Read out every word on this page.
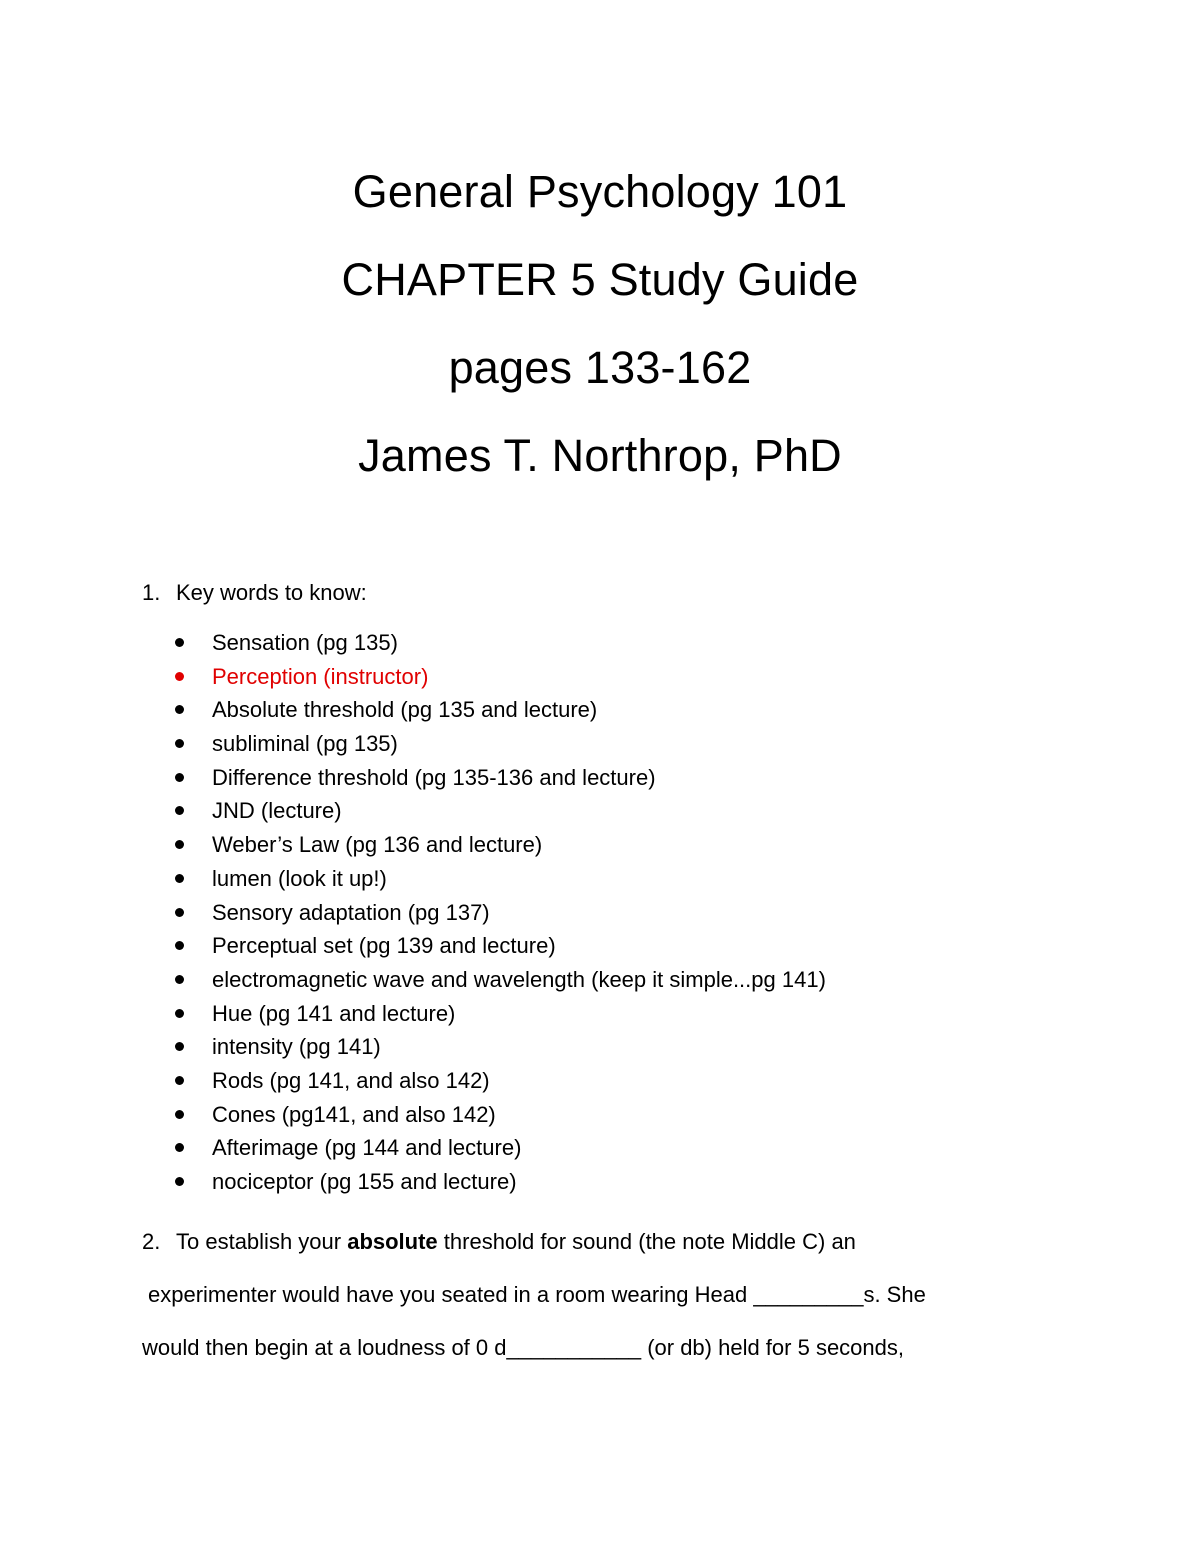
General Psychology 101
CHAPTER 5 Study Guide
pages 133-162
James T. Northrop, PhD
1. Key words to know:
Sensation (pg 135)
Perception (instructor)
Absolute threshold (pg 135 and lecture)
subliminal (pg 135)
Difference threshold (pg 135-136 and lecture)
JND (lecture)
Weber’s Law (pg 136 and lecture)
lumen (look it up!)
Sensory adaptation (pg 137)
Perceptual set (pg 139 and lecture)
electromagnetic wave and wavelength (keep it simple...pg 141)
Hue (pg 141 and lecture)
intensity (pg 141)
Rods (pg 141, and also 142)
Cones (pg141, and also 142)
Afterimage (pg 144 and lecture)
nociceptor (pg 155 and lecture)
2. To establish your absolute threshold for sound (the note Middle C) an
experimenter would have you seated in a room wearing Head _________s. She
would then begin at a loudness of 0 d___________ (or db) held for 5 seconds,
